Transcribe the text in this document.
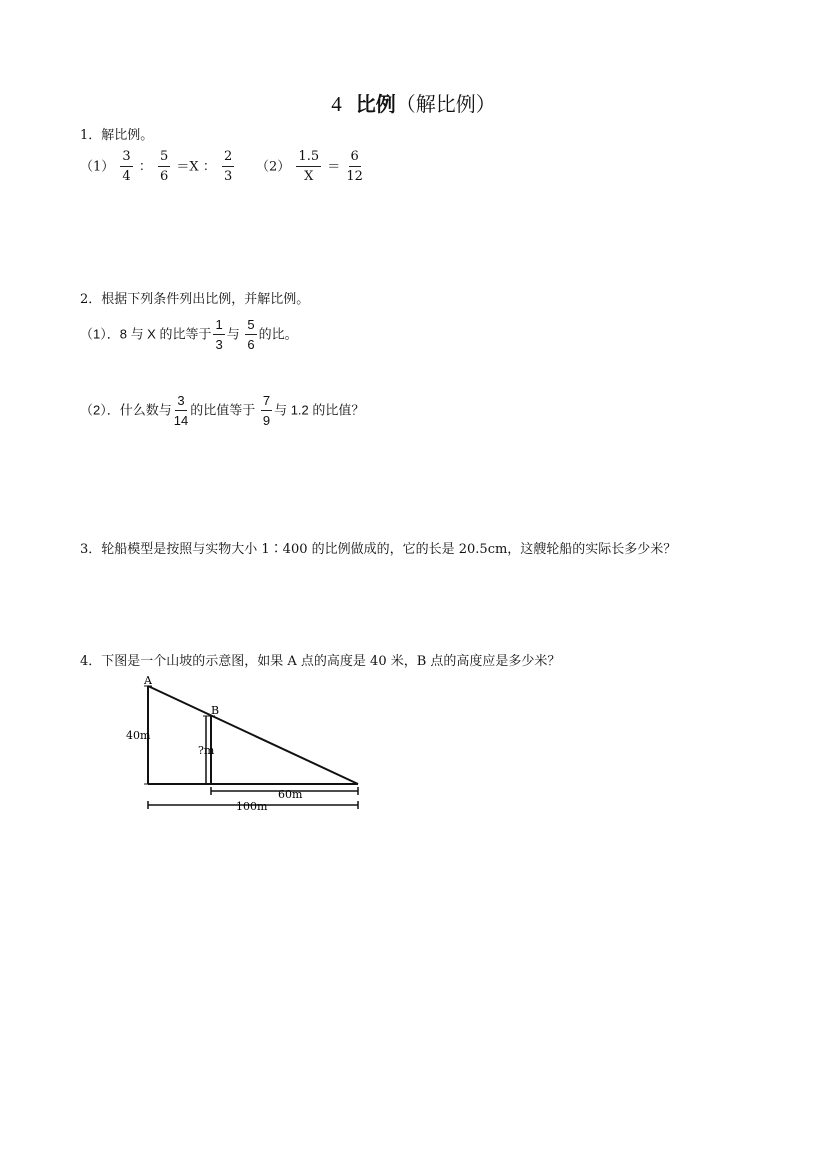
4 比例（解比例）
1．解比例。
$(1) \frac{3}{4}$ ： $\frac{5}{6} =X$ ： $\frac{2}{3} (2) \frac{1.5}{X} = \frac{6}{12}$
2．根据下列条件列出比例，并解比例。
（1）．8 与 X 的比等于 $\frac{1}{3}$ 与 $\frac{5}{6}$ 的比。
（2）．什么数与 $\frac{3}{14}$ 的比值等于 $\frac{7}{9}$ 与 1.2 的比值？
3．轮船模型是按照与实物大小 1∶400 的比例做成的，它的长是 20.5cm，这艘轮船的实际长多少米？
4．下图是一个山坡的示意图，如果 A 点的高度是 40 米，B 点的高度应是多少米？
A
B
40m
?m
60m
100m
